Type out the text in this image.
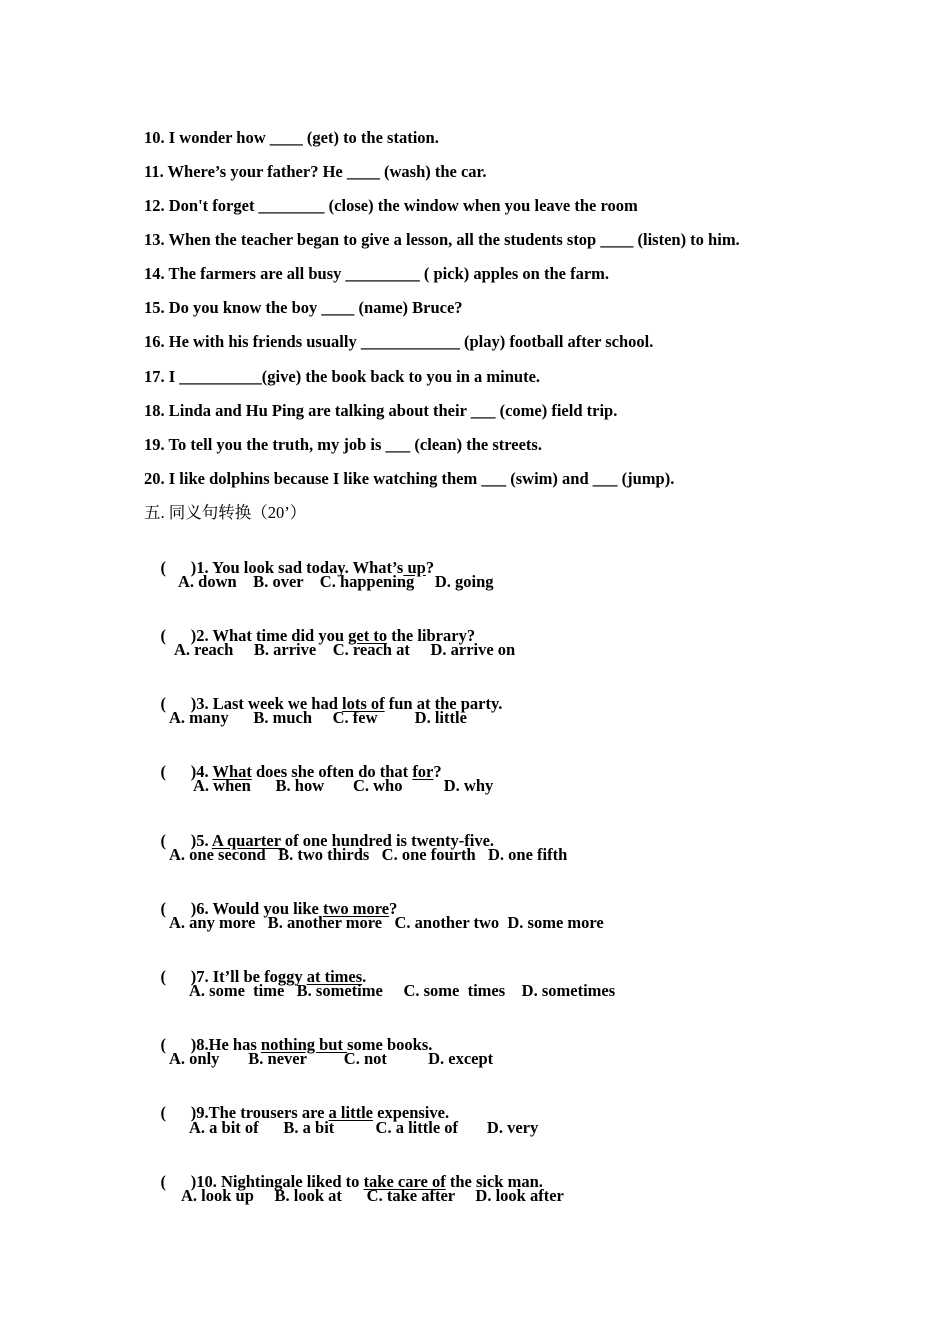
10. I wonder how ____ (get) to the station.
11. Where’s your father? He ____ (wash) the car.
12. Don't forget ________ (close) the window when you leave the room
13. When the teacher began to give a lesson, all the students stop ____ (listen) to him.
14. The farmers are all busy _________ ( pick) apples on the farm.
15. Do you know the boy ____ (name) Bruce?
16. He with his friends usually ____________ (play) football after school.
17. I __________(give) the book back to you in a minute.
18. Linda and Hu Ping are talking about their ___ (come) field trip.
19. To tell you the truth, my job is ___ (clean) the streets.
20. I like dolphins because I like watching them ___ (swim) and ___ (jump).
五. 同义句转换（20’）

(      )1. You look sad today. What’s up?

A. down    B. over    C. happening     D. going

(      )2. What time did you get to the library?

A. reach     B. arrive    C. reach at     D. arrive on

(      )3. Last week we had lots of fun at the party.

A. many      B. much     C. few         D. little

(      )4. What does she often do that for?

A. when      B. how       C. who          D. why

(      )5. A quarter of one hundred is twenty-five.

A. one second   B. two thirds   C. one fourth   D. one fifth

(      )6. Would you like two more?

A. any more   B. another more   C. another two  D. some more

(      )7. It’ll be foggy at times.

A. some  time   B. sometime     C. some  times    D. sometimes

(      )8.He has nothing but some books.

A. only       B. never         C. not          D. except

(      )9.The trousers are a little expensive.

A. a bit of      B. a bit          C. a little of       D. very

(      )10. Nightingale liked to take care of the sick man.

A. look up     B. look at      C. take after     D. look after
